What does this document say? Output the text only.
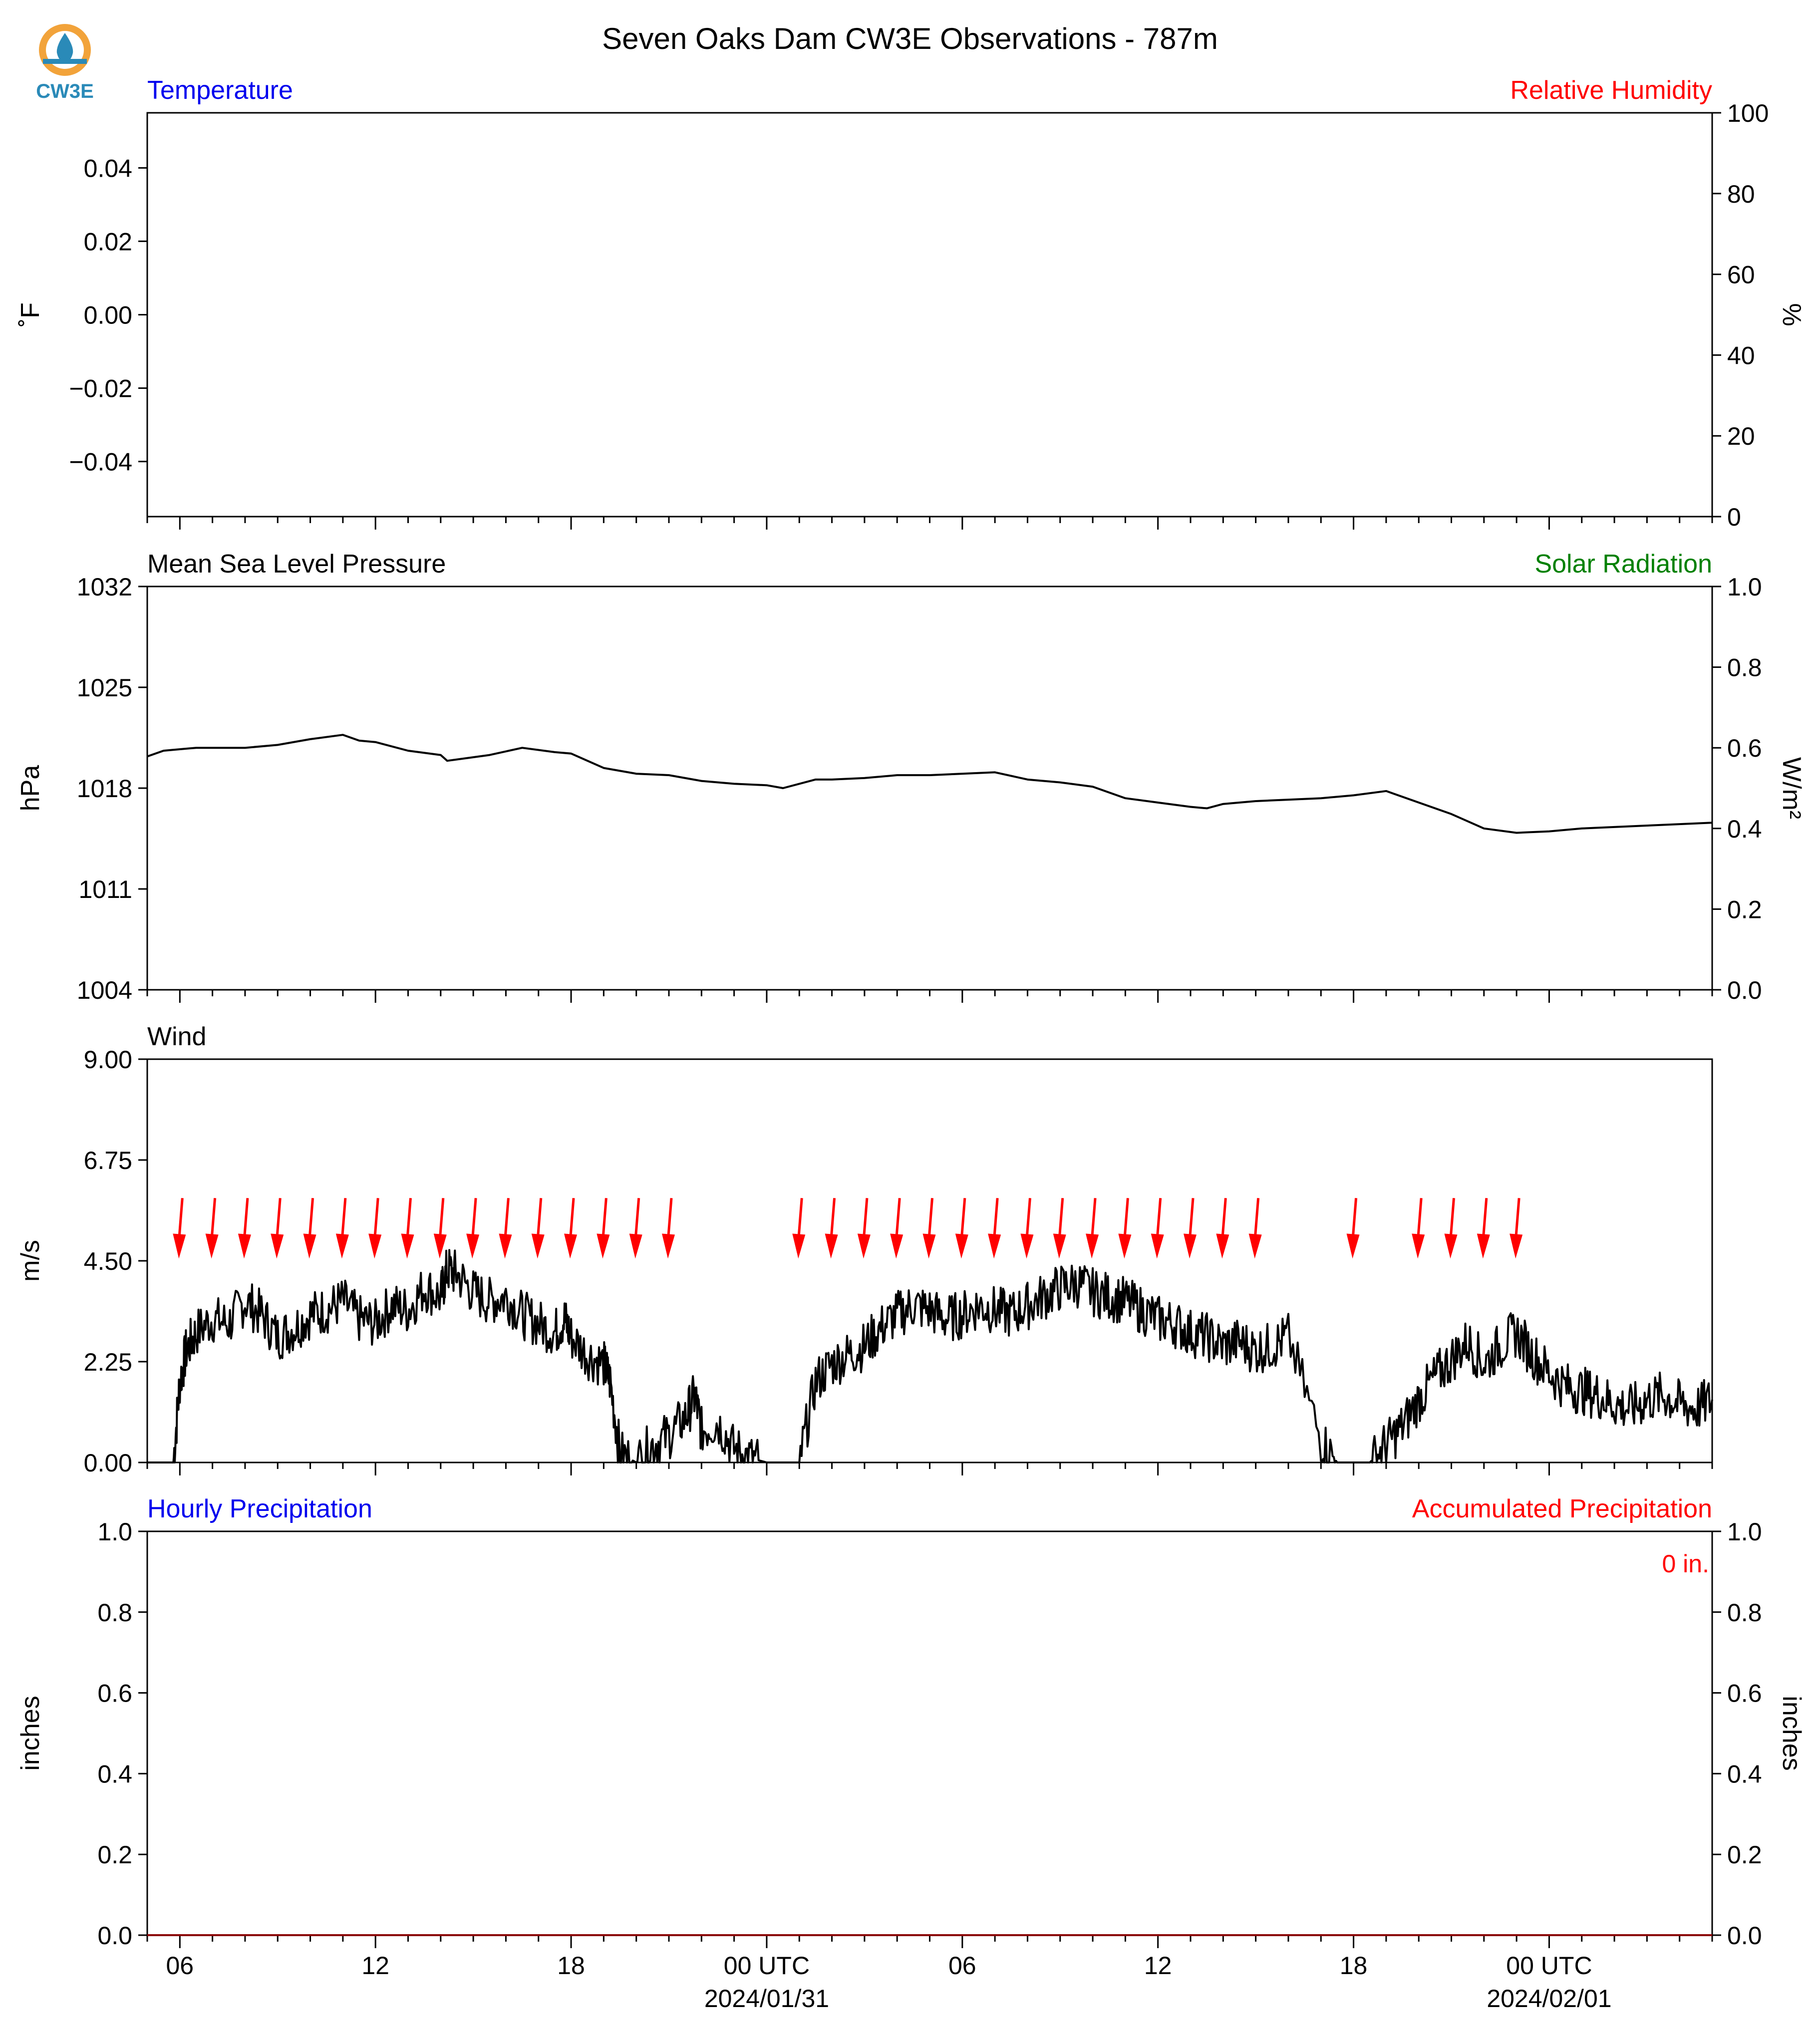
Seven Oaks Dam CW3E Observations - 787m
CW3E Temperature	Relative Humidity
0.04
0.02
0.00
−0.02
−0.04
100
80
60
40
20
0
˚F	%
Mean Sea Level Pressure	Solar Radiation
1032
1025
1018
1011
1004
1.0
0.8
0.6
0.4
0.2
0.0
hPa	W/m²
Wind
9.00
6.75
4.50
2.25
0.00
m/s
Hourly Precipitation	Accumulated Precipitation
1.0
0.8
0.6
0.4
0.2
0.0
1.0
0.8
0.6
0.4
0.2
0.0
inches	inches
0 in.
06	12	18	00 UTC
2024/01/31
06	12	18	00 UTC
2024/02/01
